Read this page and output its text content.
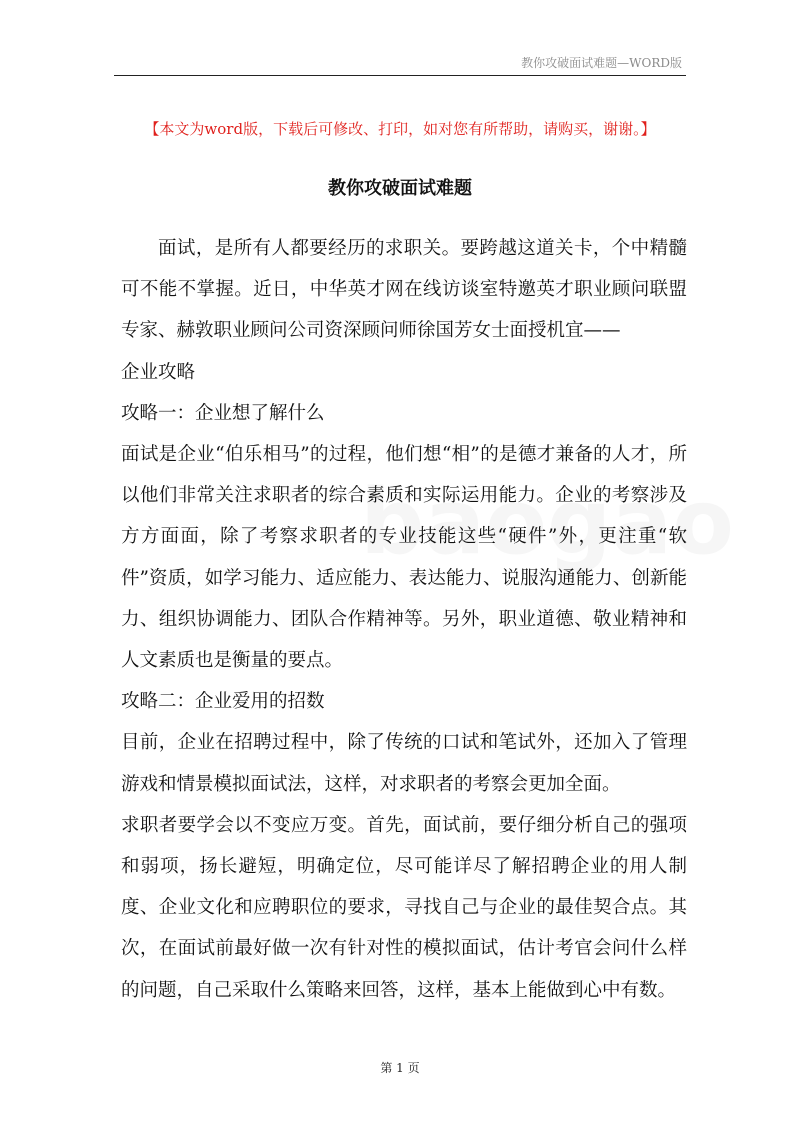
教你攻破面试难题—WORD版
【本文为word版，下载后可修改、打印，如对您有所帮助，请购买，谢谢。】
教你攻破面试难题

面试，是所有人都要经历的求职关。要跨越这道关卡，个中精髓可不能不掌握。近日，中华英才网在线访谈室特邀英才职业顾问联盟专家、赫敦职业顾问公司资深顾问师徐国芳女士面授机宜——

企业攻略

攻略一：企业想了解什么

面试是企业“伯乐相马”的过程，他们想“相”的是德才兼备的人才，所以他们非常关注求职者的综合素质和实际运用能力。企业的考察涉及方方面面，除了考察求职者的专业技能这些“硬件”外，更注重“软件”资质，如学习能力、适应能力、表达能力、说服沟通能力、创新能力、组织协调能力、团队合作精神等。另外，职业道德、敬业精神和人文素质也是衡量的要点。

攻略二：企业爱用的招数

目前，企业在招聘过程中，除了传统的口试和笔试外，还加入了管理游戏和情景模拟面试法，这样，对求职者的考察会更加全面。

求职者要学会以不变应万变。首先，面试前，要仔细分析自己的强项和弱项，扬长避短，明确定位，尽可能详尽了解招聘企业的用人制度、企业文化和应聘职位的要求，寻找自己与企业的最佳契合点。其次，在面试前最好做一次有针对性的模拟面试，估计考官会问什么样的问题，自己采取什么策略来回答，这样，基本上能做到心中有数。

第 1 页
